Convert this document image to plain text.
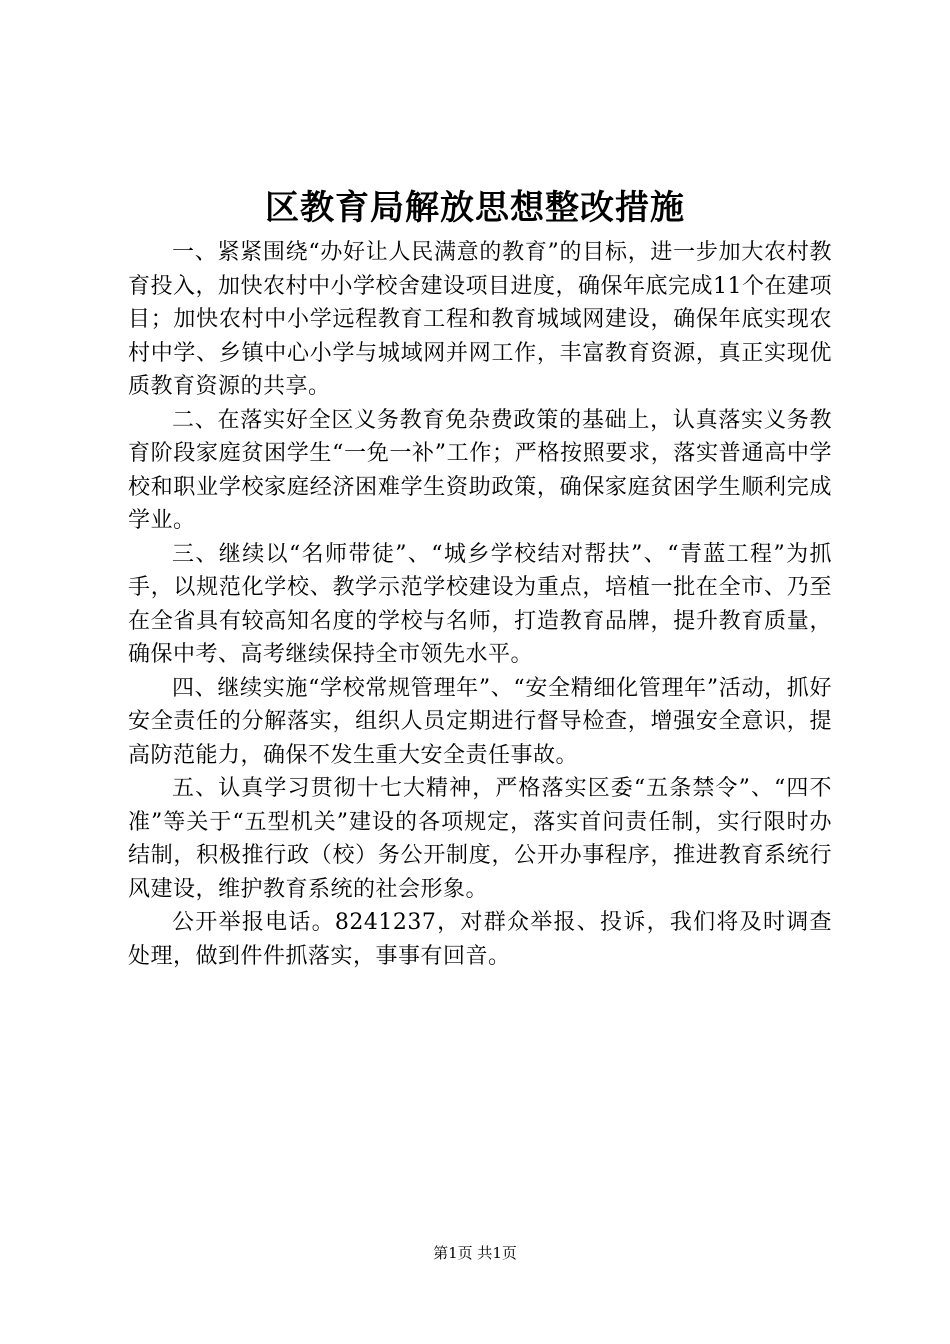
区教育局解放思想整改措施

一、紧紧围绕“办好让人民满意的教育”的目标，进一步加大农村教育投入，加快农村中小学校舍建设项目进度，确保年底完成11个在建项目；加快农村中小学远程教育工程和教育城域网建设，确保年底实现农村中学、乡镇中心小学与城域网并网工作，丰富教育资源，真正实现优质教育资源的共享。

二、在落实好全区义务教育免杂费政策的基础上，认真落实义务教育阶段家庭贫困学生“一免一补”工作；严格按照要求，落实普通高中学校和职业学校家庭经济困难学生资助政策，确保家庭贫困学生顺利完成学业。

三、继续以“名师带徒”、“城乡学校结对帮扶”、“青蓝工程”为抓手，以规范化学校、教学示范学校建设为重点，培植一批在全市、乃至在全省具有较高知名度的学校与名师，打造教育品牌，提升教育质量，确保中考、高考继续保持全市领先水平。

四、继续实施“学校常规管理年”、“安全精细化管理年”活动，抓好安全责任的分解落实，组织人员定期进行督导检查，增强安全意识，提高防范能力，确保不发生重大安全责任事故。

五、认真学习贯彻十七大精神，严格落实区委“五条禁令”、“四不准”等关于“五型机关”建设的各项规定，落实首问责任制，实行限时办结制，积极推行政（校）务公开制度，公开办事程序，推进教育系统行风建设，维护教育系统的社会形象。

公开举报电话。8241237，对群众举报、投诉，我们将及时调查处理，做到件件抓落实，事事有回音。

第1页 共1页
